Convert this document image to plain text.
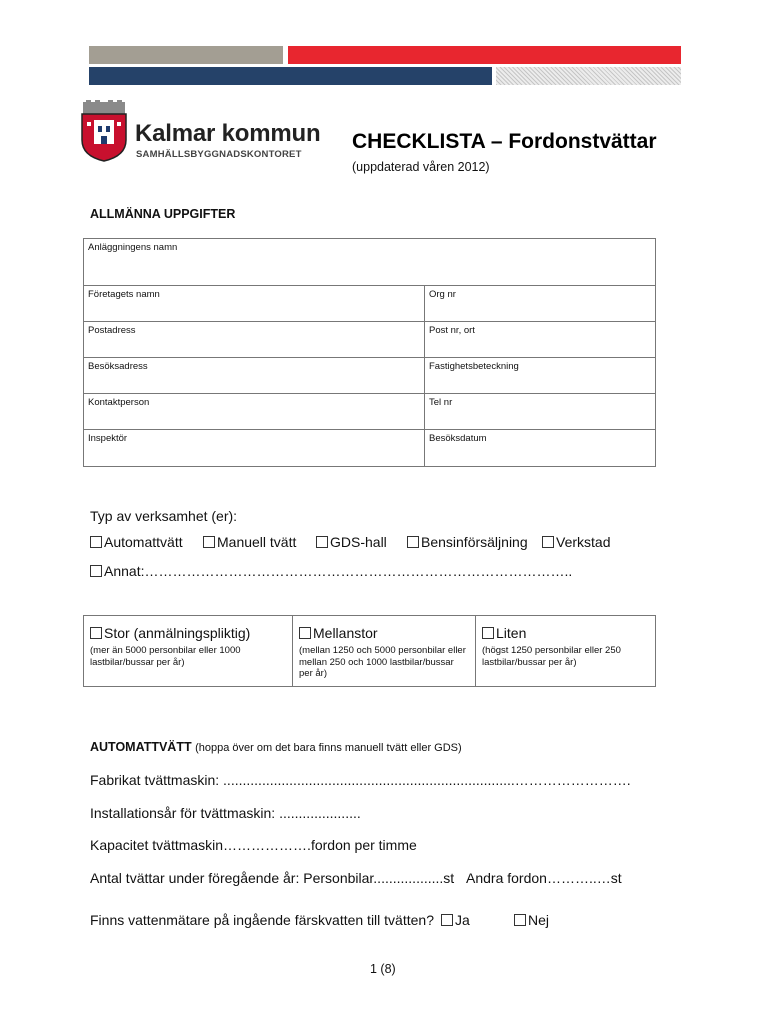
Kalmar kommun
SAMHÄLLSBYGGNADSKONTORET
CHECKLISTA – Fordonstvättar
(uppdaterad våren 2012)
ALLMÄNNA UPPGIFTER
Anläggningens namn	
Företagets namn	Org nr
Postadress	Post nr, ort
Besöksadress	Fastighetsbeteckning
Kontaktperson	Tel nr
Inspektör	Besöksdatum
Typ av verksamhet (er):
Automattvätt	Manuell tvätt	GDS-hall	Bensinförsäljning	Verkstad
Annat:………………………………………………………………………………..
Stor (anmälningspliktig)
(mer än 5000 personbilar eller 1000 lastbilar/bussar per år)

Mellanstor
(mellan 1250 och 5000 personbilar eller mellan 250 och 1000 lastbilar/bussar per år)

Liten
(högst 1250 personbilar eller 250 lastbilar/bussar per år)
AUTOMATTVÄTT (hoppa över om det bara finns manuell tvätt eller GDS)
Fabrikat tvättmaskin: ...........................................................................…………………….
Installationsår för tvättmaskin: .....................
Kapacitet tvättmaskin……………….fordon per timme
Antal tvättar under föregående år: Personbilar..................st Andra fordon………..…st
Finns vattenmätare på ingående färskvatten till tvätten?	Ja	Nej
1 (8)
